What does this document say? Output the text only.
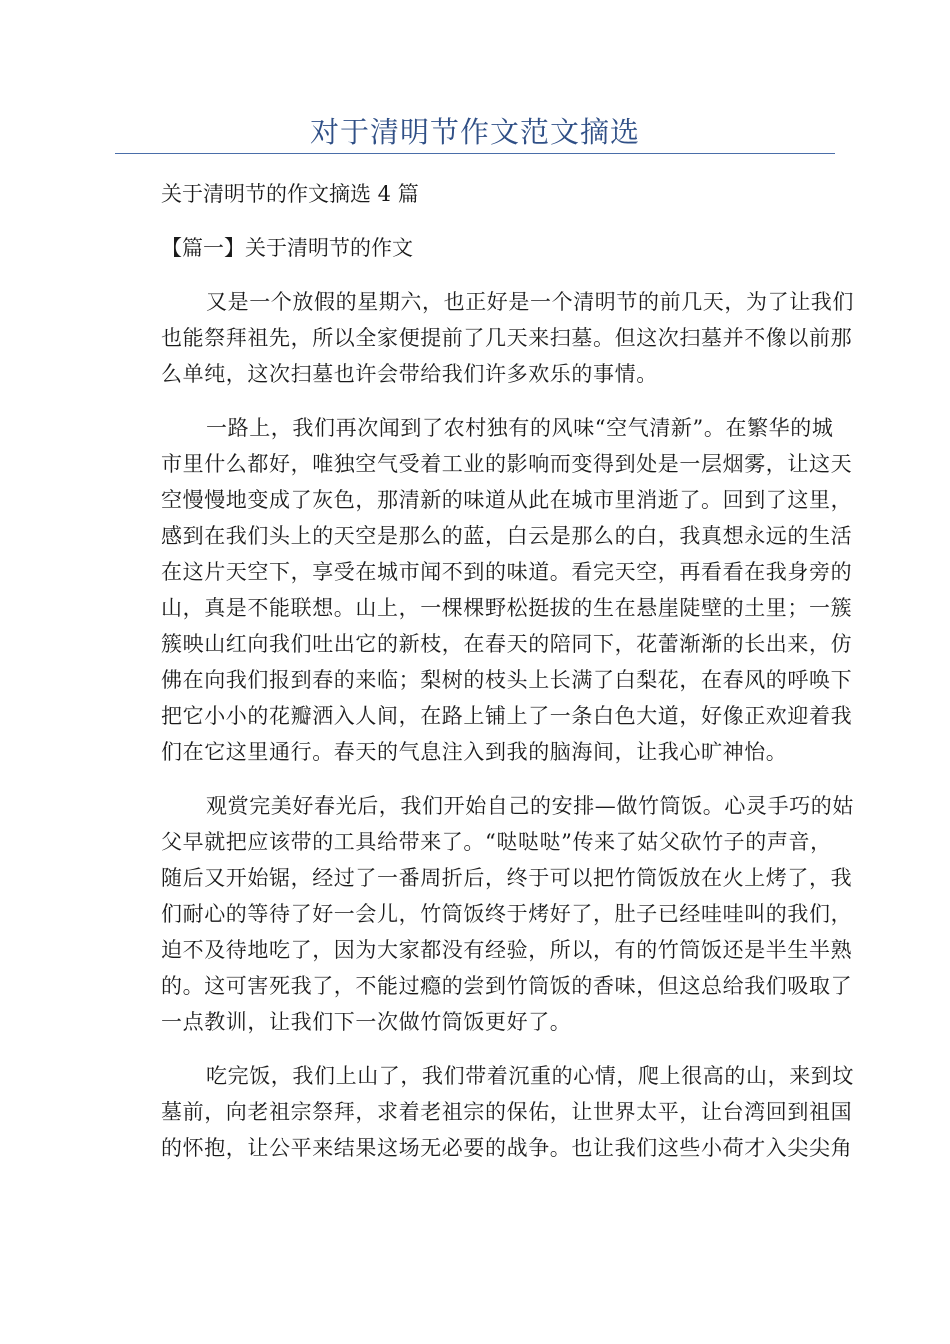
对于清明节作文范文摘选

关于清明节的作文摘选 4 篇

【篇一】关于清明节的作文

又是一个放假的星期六，也正好是一个清明节的前几天，为了让我们
也能祭拜祖先，所以全家便提前了几天来扫墓。但这次扫墓并不像以前那
么单纯，这次扫墓也许会带给我们许多欢乐的事情。
一路上，我们再次闻到了农村独有的风味“空气清新”。在繁华的城
市里什么都好，唯独空气受着工业的影响而变得到处是一层烟雾，让这天
空慢慢地变成了灰色，那清新的味道从此在城市里消逝了。回到了这里，
感到在我们头上的天空是那么的蓝，白云是那么的白，我真想永远的生活
在这片天空下，享受在城市闻不到的味道。看完天空，再看看在我身旁的
山，真是不能联想。山上，一棵棵野松挺拔的生在悬崖陡壁的土里；一簇
簇映山红向我们吐出它的新枝，在春天的陪同下，花蕾渐渐的长出来，仿
佛在向我们报到春的来临；梨树的枝头上长满了白梨花，在春风的呼唤下
把它小小的花瓣洒入人间，在路上铺上了一条白色大道，好像正欢迎着我
们在它这里通行。春天的气息注入到我的脑海间，让我心旷神怡。
观赏完美好春光后，我们开始自己的安排—做竹筒饭。心灵手巧的姑
父早就把应该带的工具给带来了。“哒哒哒”传来了姑父砍竹子的声音，
随后又开始锯，经过了一番周折后，终于可以把竹筒饭放在火上烤了，我
们耐心的等待了好一会儿，竹筒饭终于烤好了，肚子已经哇哇叫的我们，
迫不及待地吃了，因为大家都没有经验，所以，有的竹筒饭还是半生半熟
的。这可害死我了，不能过瘾的尝到竹筒饭的香味，但这总给我们吸取了
一点教训，让我们下一次做竹筒饭更好了。
吃完饭，我们上山了，我们带着沉重的心情，爬上很高的山，来到坟
墓前，向老祖宗祭拜，求着老祖宗的保佑，让世界太平，让台湾回到祖国
的怀抱，让公平来结果这场无必要的战争。也让我们这些小荷才入尖尖角
